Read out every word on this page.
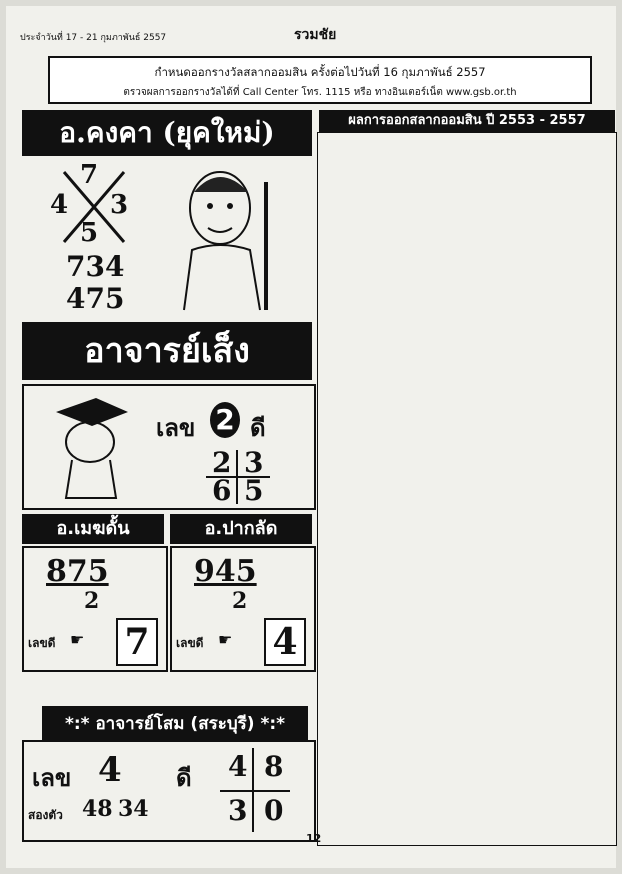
ประจำวันที่ 17 - 21 กุมภาพันธ์ 2557	รวมชัย
กำหนดออกรางวัลสลากออมสิน ครั้งต่อไปวันที่ 16 กุมภาพันธ์ 2557
ตรวจผลการออกรางวัลได้ที่ Call Center โทร. 1115 หรือ ทางอินเตอร์เน็ต www.gsb.or.th
อ.คงคา (ยุคใหม่)
7
4 3
5
734
475
อาจารย์เส็ง
เลข 2 ดี
2 3
6 5
อ.เมฆดั้น
875
2
เลขดี ☛ 7
อ.ปากลัด
945
2
เลขดี ☛ 4
*:* อาจารย์โสม (สระบุรี) *:*
เลข 4 ดี 4 8
3 0
สองตัว 48 34
ผลการออกสลากออมสิน ปี 2553 - 2557
12
